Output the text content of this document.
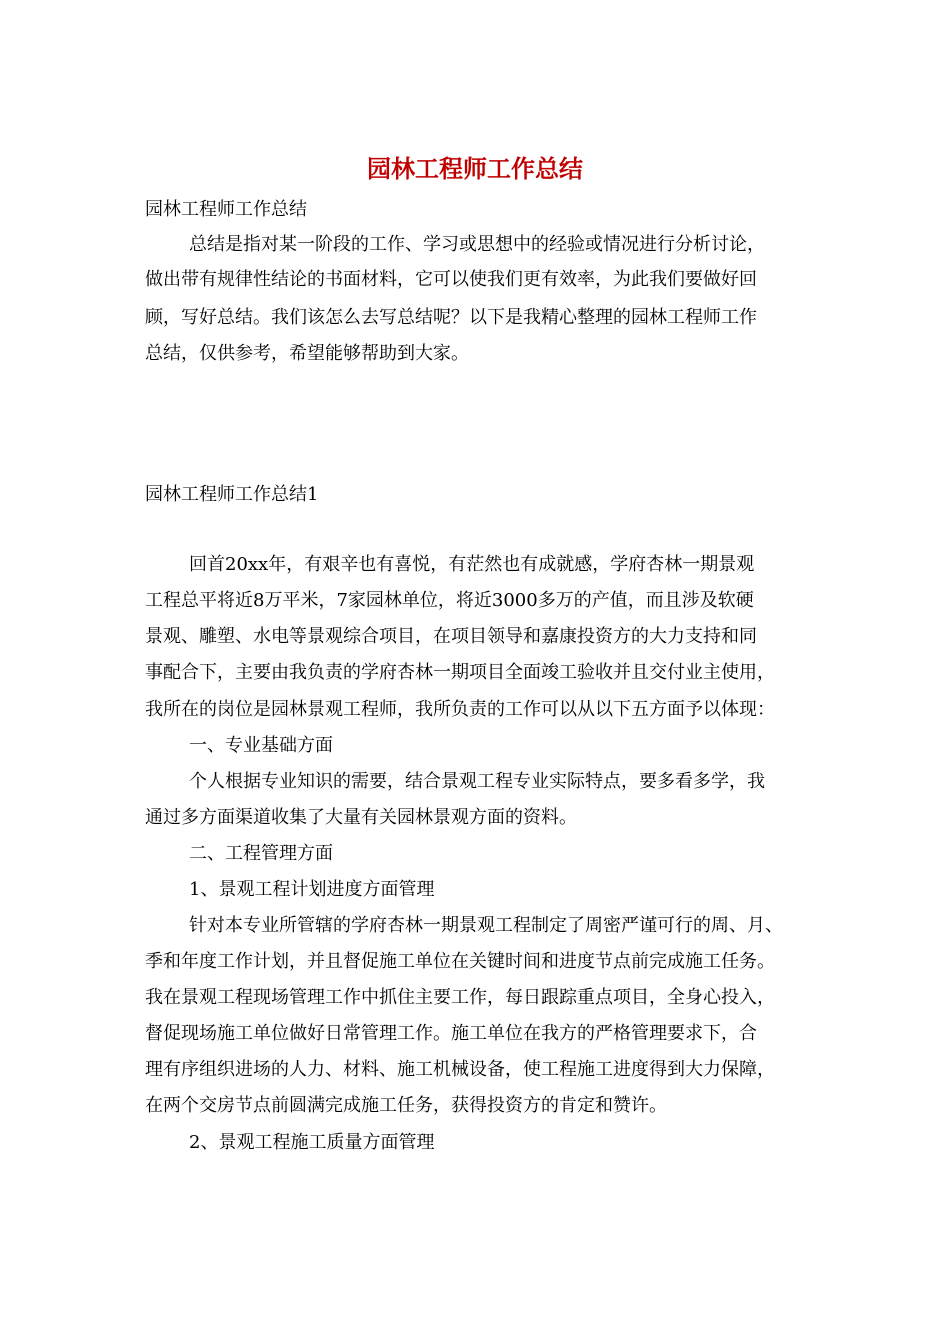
园林工程师工作总结
园林工程师工作总结
总结是指对某一阶段的工作、学习或思想中的经验或情况进行分析讨论，
做出带有规律性结论的书面材料，它可以使我们更有效率，为此我们要做好回
顾，写好总结。我们该怎么去写总结呢？以下是我精心整理的园林工程师工作
总结，仅供参考，希望能够帮助到大家。
园林工程师工作总结1
回首20xx年，有艰辛也有喜悦，有茫然也有成就感，学府杏林一期景观
工程总平将近8万平米，7家园林单位，将近3000多万的产值，而且涉及软硬
景观、雕塑、水电等景观综合项目，在项目领导和嘉康投资方的大力支持和同
事配合下，主要由我负责的学府杏林一期项目全面竣工验收并且交付业主使用，
我所在的岗位是园林景观工程师，我所负责的工作可以从以下五方面予以体现：
一、专业基础方面
个人根据专业知识的需要，结合景观工程专业实际特点，要多看多学，我
通过多方面渠道收集了大量有关园林景观方面的资料。
二、工程管理方面
1、景观工程计划进度方面管理
针对本专业所管辖的学府杏林一期景观工程制定了周密严谨可行的周、月、
季和年度工作计划，并且督促施工单位在关键时间和进度节点前完成施工任务。
我在景观工程现场管理工作中抓住主要工作，每日跟踪重点项目，全身心投入，
督促现场施工单位做好日常管理工作。施工单位在我方的严格管理要求下，合
理有序组织进场的人力、材料、施工机械设备，使工程施工进度得到大力保障，
在两个交房节点前圆满完成施工任务，获得投资方的肯定和赞许。
2、景观工程施工质量方面管理
